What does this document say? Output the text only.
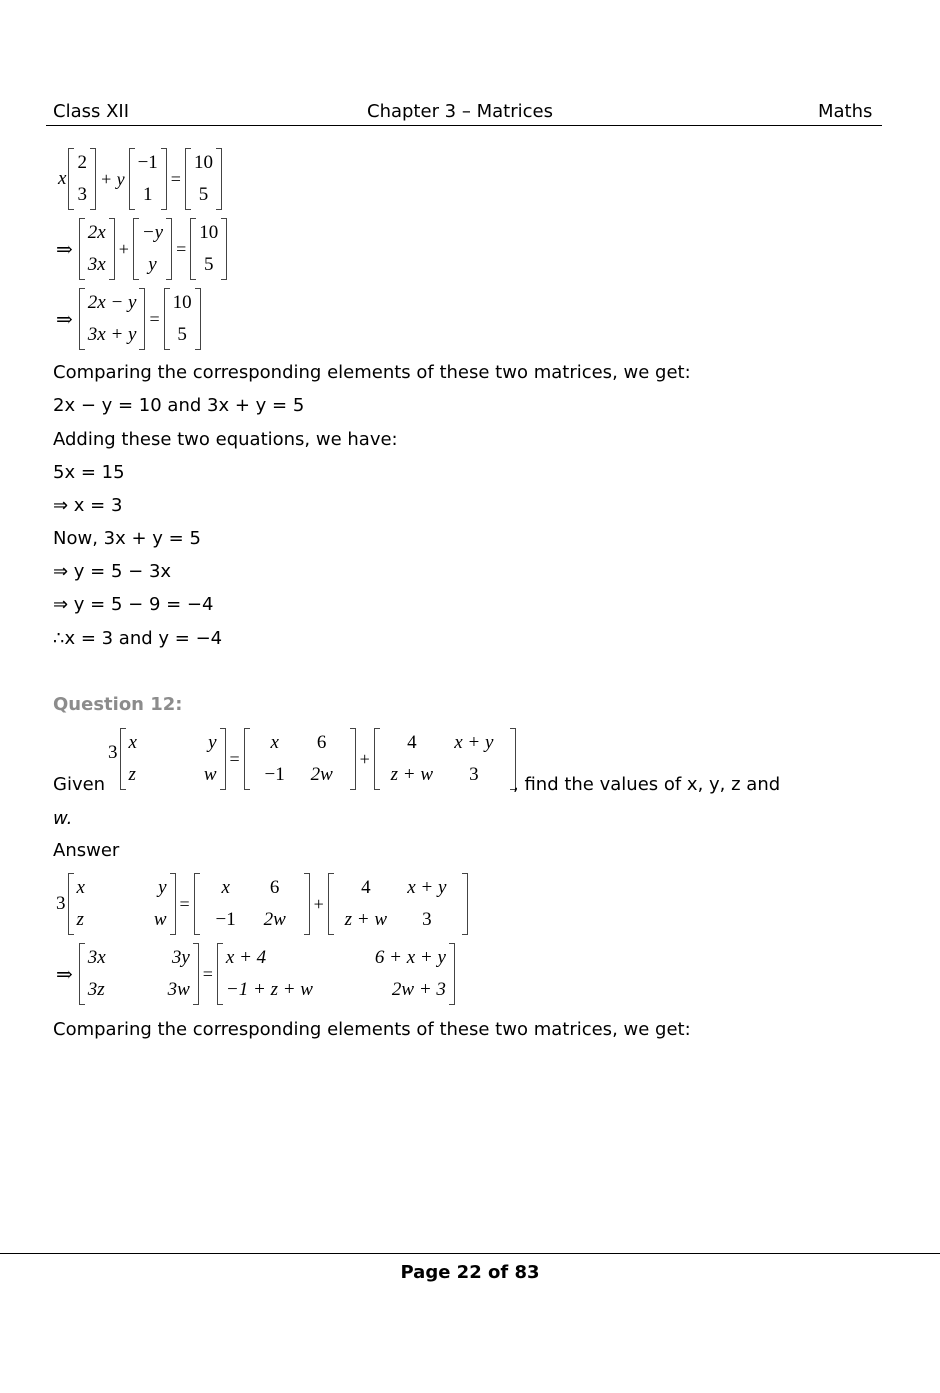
Class XII	Chapter 3 – Matrices	Maths
x
2
3
+ y
−1
1
=
10
5
⇒
2x
3x
+
−y
y
=
10
5
⇒
2x − y
3x + y
=
10
5
Comparing the corresponding elements of these two matrices, we get:
2x − y = 10 and 3x + y = 5
Adding these two equations, we have:
5x = 15
⇒ x = 3
Now, 3x + y = 5
⇒ y = 5 − 3x
⇒ y = 5 − 9 = −4
∴x = 3 and y = −4
Question 12:
Given
3 x	y
z	w
=
x	6
−1	2w
+
4	x + y
z + w	3	, find the values of x, y, z and
w.
Answer
3
x	y
z	w
=
x	6
−1	2w
+
4	x + y
z + w	3
⇒
3x	3y
3z	3w
=
x + 4	6 + x + y
−1 + z + w	2w + 3
Comparing the corresponding elements of these two matrices, we get:
Page 22 of 83
